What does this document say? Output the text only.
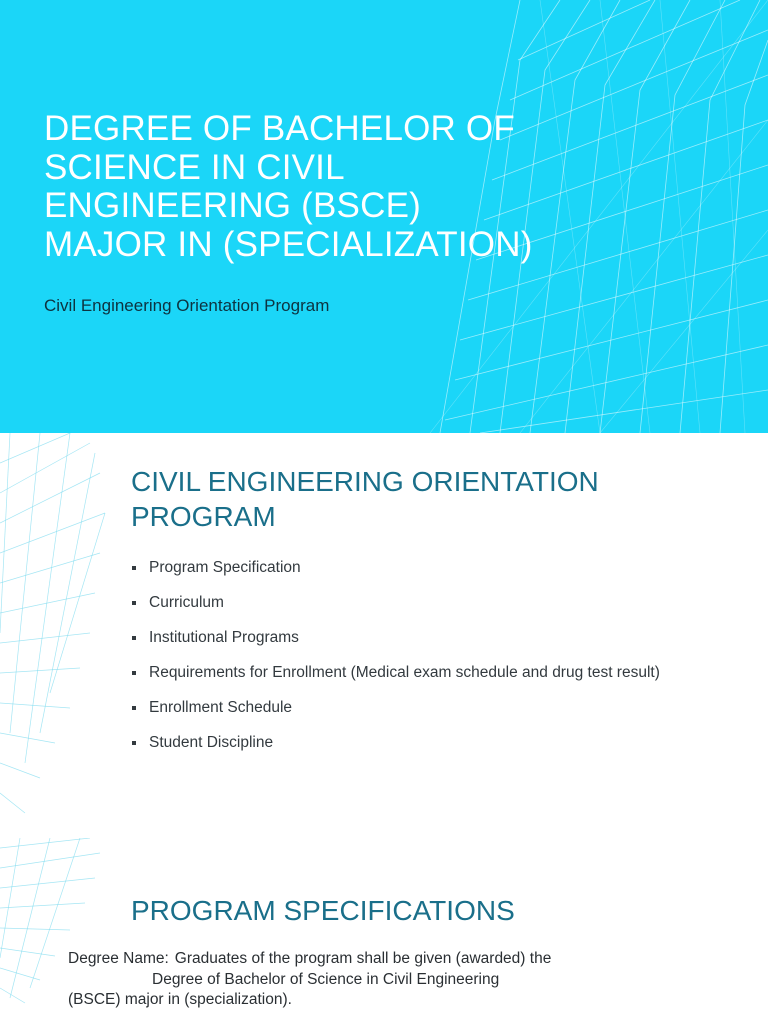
DEGREE OF BACHELOR OF SCIENCE IN CIVIL ENGINEERING (BSCE) MAJOR IN (SPECIALIZATION)
Civil Engineering Orientation Program
CIVIL ENGINEERING ORIENTATION PROGRAM
Program Specification
Curriculum
Institutional Programs
Requirements for Enrollment (Medical exam schedule and drug test result)
Enrollment Schedule
Student Discipline
PROGRAM SPECIFICATIONS
Degree Name: Graduates of the program shall be given (awarded) the
Degree of Bachelor of Science in Civil Engineering
(BSCE) major in (specialization).
